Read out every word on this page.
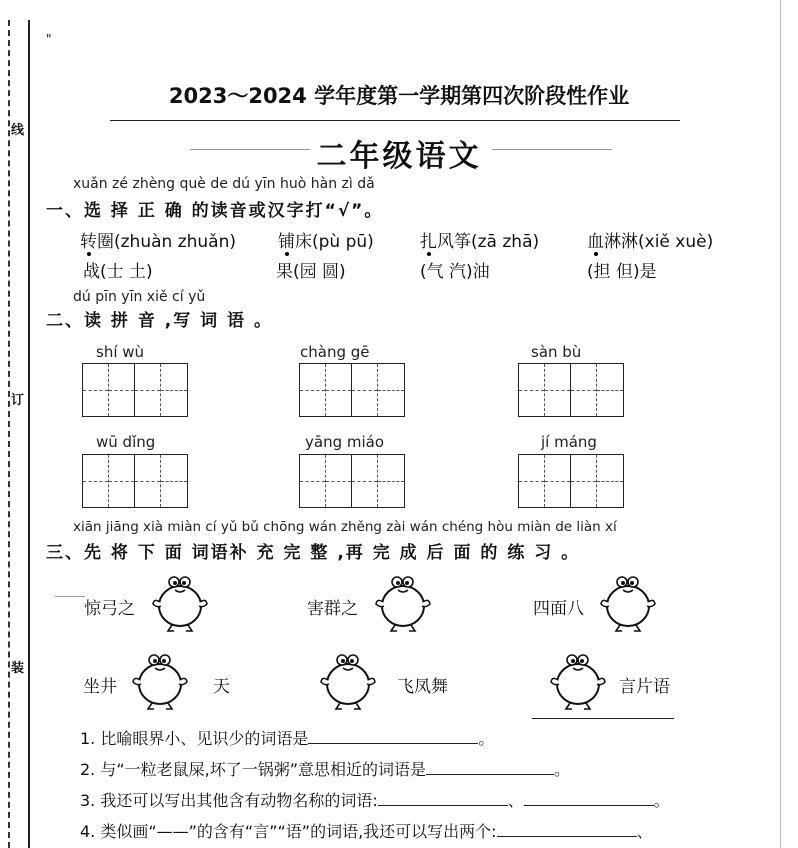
线
订
装
"
2023～2024 学年度第一学期第四次阶段性作业
二年级语文
xuǎn zé zhèng què de dú yīn huò hàn zì dǎ
一、选 择 正 确 的读音或汉字打“√”。
转圈(zhuàn zhuǎn) 铺床(pù pū)	扎风筝(zā zhā)	血淋淋(xiě xuè)
战(士 土)	果(园 圆)	(气 汽)油	(担 但)是
dú pīn yīn xiě cí yǔ
二、读 拼 音 ,写 词 语 。
shí wù	chàng gē	sàn bù
wū dǐng	yāng miáo	jí máng
xiān jiāng xià miàn cí yǔ bǔ chōng wán zhěng zài wán chéng hòu miàn de liàn xí
三、先 将 下 面 词语补 充 完 整 ,再 完 成 后 面 的 练 习 。
惊弓之	害群之	四面八
坐井	天	飞凤舞	言片语
1. 比喻眼界小、见识少的词语是	。
2. 与“一粒老鼠屎,坏了一锅粥”意思相近的词语是	。
3. 我还可以写出其他含有动物名称的词语:	、	。
4. 类似画“——”的含有“言”“语”的词语,我还可以写出两个:	、
